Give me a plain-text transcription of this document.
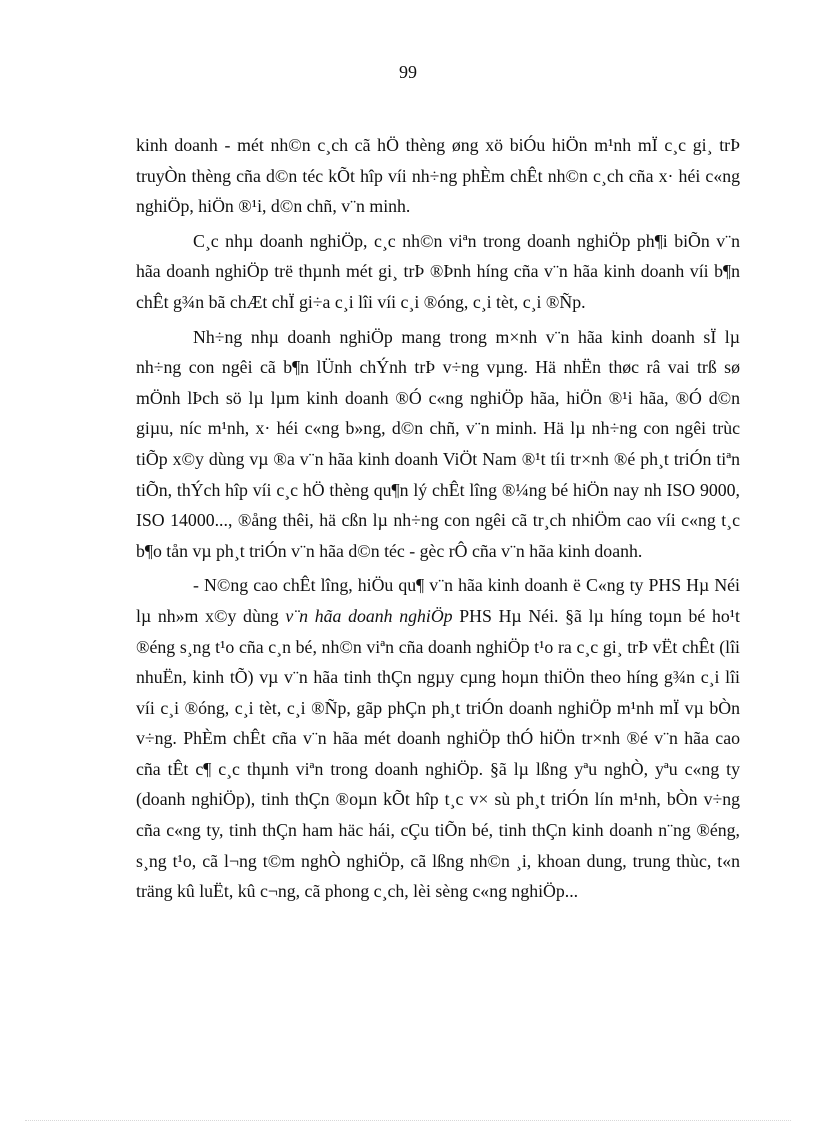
99

kinh doanh - mét nh©n c¸ch cã hÖ thèng øng xö biÓu hiÖn m¹nh mÏ c¸c gi¸ trÞ truyÒn thèng cña d©n téc kÕt hîp víi nh÷ng phÈm chÊt nh©n c¸ch cña x· héi c«ng nghiÖp, hiÖn ®¹i, d©n chñ, v¨n minh.

C¸c nhµ doanh nghiÖp, c¸c nh©n viªn trong doanh nghiÖp ph¶i biÕn v¨n hãa doanh nghiÖp trë thµnh mét gi¸ trÞ ®Þnh híng cña v¨n hãa kinh doanh víi b¶n chÊt g¾n bã chÆt chÏ gi÷a c¸i lîi víi c¸i ®óng, c¸i tèt, c¸i ®Ñp.

Nh÷ng nhµ doanh nghiÖp mang trong m×nh v¨n hãa kinh doanh sÏ lµ nh÷ng con ngêi cã b¶n lÜnh chÝnh trÞ v÷ng vµng. Hä nhËn thøc râ vai trß sø mÖnh lÞch sö lµ lµm kinh doanh ®Ó c«ng nghiÖp hãa, hiÖn ®¹i hãa, ®Ó d©n giµu, níc m¹nh, x· héi c«ng b»ng, d©n chñ, v¨n minh. Hä lµ nh÷ng con ngêi trùc tiÕp x©y dùng vµ ®a v¨n hãa kinh doanh ViÖt Nam ®¹t tíi tr×nh ®é ph¸t triÓn tiªn tiÕn, thÝch hîp víi c¸c hÖ thèng qu¶n lý chÊt lîng ®¼ng bé hiÖn nay nh ISO 9000, ISO 14000..., ®ång thêi, hä cßn lµ nh÷ng con ngêi cã tr¸ch nhiÖm cao víi c«ng t¸c b¶o tån vµ ph¸t triÓn v¨n hãa d©n téc - gèc rÔ cña v¨n hãa kinh doanh.

- N©ng cao chÊt lîng, hiÖu qu¶ v¨n hãa kinh doanh ë C«ng ty PHS Hµ Néi lµ nh»m x©y dùng v¨n hãa doanh nghiÖp PHS Hµ Néi. §ã lµ híng toµn bé ho¹t ®éng s¸ng t¹o cña c¸n bé, nh©n viªn cña doanh nghiÖp t¹o ra c¸c gi¸ trÞ vËt chÊt (lîi nhuËn, kinh tÕ) vµ v¨n hãa tinh thÇn ngµy cµng hoµn thiÖn theo híng g¾n c¸i lîi víi c¸i ®óng, c¸i tèt, c¸i ®Ñp, gãp phÇn ph¸t triÓn doanh nghiÖp m¹nh mÏ vµ bÒn v÷ng. PhÈm chÊt cña v¨n hãa mét doanh nghiÖp thÓ hiÖn tr×nh ®é v¨n hãa cao cña tÊt c¶ c¸c thµnh viªn trong doanh nghiÖp. §ã lµ lßng yªu nghÒ, yªu c«ng ty (doanh nghiÖp), tinh thÇn ®oµn kÕt hîp t¸c v× sù ph¸t triÓn lín m¹nh, bÒn v÷ng cña c«ng ty, tinh thÇn ham häc hái, cÇu tiÕn bé, tinh thÇn kinh doanh n¨ng ®éng, s¸ng t¹o, cã l¬ng t©m nghÒ nghiÖp, cã lßng nh©n ¸i, khoan dung, trung thùc, t«n träng kû luËt, kû c¬ng, cã phong c¸ch, lèi sèng c«ng nghiÖp...
